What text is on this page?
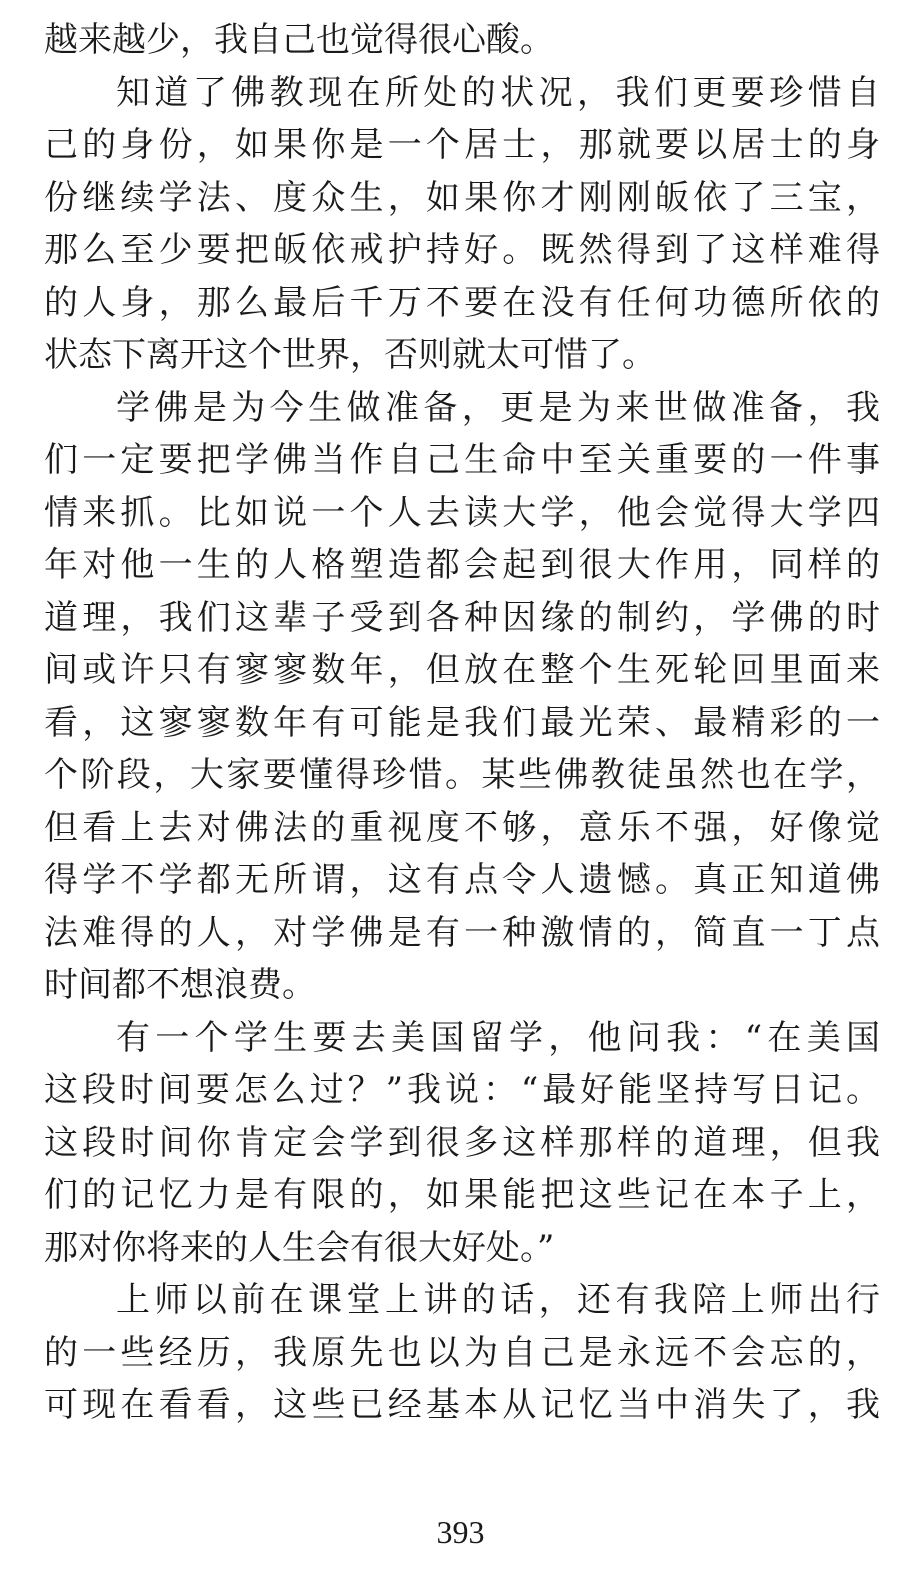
越来越少，我自己也觉得很心酸。
知道了佛教现在所处的状况，我们更要珍惜自
己的身份，如果你是一个居士，那就要以居士的身
份继续学法、度众生，如果你才刚刚皈依了三宝，
那么至少要把皈依戒护持好。既然得到了这样难得
的人身，那么最后千万不要在没有任何功德所依的
状态下离开这个世界，否则就太可惜了。
学佛是为今生做准备，更是为来世做准备，我
们一定要把学佛当作自己生命中至关重要的一件事
情来抓。比如说一个人去读大学，他会觉得大学四
年对他一生的人格塑造都会起到很大作用，同样的
道理，我们这辈子受到各种因缘的制约，学佛的时
间或许只有寥寥数年，但放在整个生死轮回里面来
看，这寥寥数年有可能是我们最光荣、最精彩的一
个阶段，大家要懂得珍惜。某些佛教徒虽然也在学，
但看上去对佛法的重视度不够，意乐不强，好像觉
得学不学都无所谓，这有点令人遗憾。真正知道佛
法难得的人，对学佛是有一种激情的，简直一丁点
时间都不想浪费。
有一个学生要去美国留学，他问我：“在美国
这段时间要怎么过？”我说：“最好能坚持写日记。
这段时间你肯定会学到很多这样那样的道理，但我
们的记忆力是有限的，如果能把这些记在本子上，
那对你将来的人生会有很大好处。”
上师以前在课堂上讲的话，还有我陪上师出行
的一些经历，我原先也以为自己是永远不会忘的，
可现在看看，这些已经基本从记忆当中消失了，我
393
